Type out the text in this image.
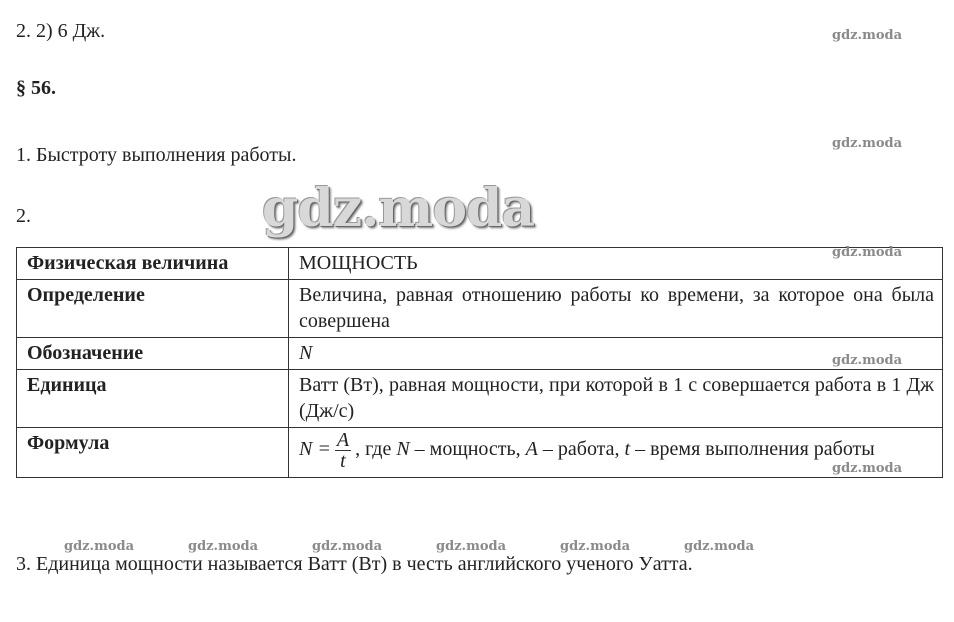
2. 2) 6 Дж.
§ 56.
1. Быстроту выполнения работы.
2.	gdz.moda
gdz.moda
gdz.moda
gdz.moda	gdz.moda	gdz.moda	gdz.moda	gdz.moda	gdz.moda
Физическая величина	МОЩНОСТЬ
Определение	Величина, равная отношению работы ко времени, за которое она была совершена
Обозначение	N
Единица	Ватт (Вт), равная мощности, при которой в 1 с совершается работа в 1 Дж (Дж/с)
Формула	$N = \frac{A}{t}$ , где N – мощность, A – работа, t – время выполнения работы
gdz.moda
gdz.moda
gdz.moda
3. Единица мощности называется Ватт (Вт) в честь английского ученого Уатта.
